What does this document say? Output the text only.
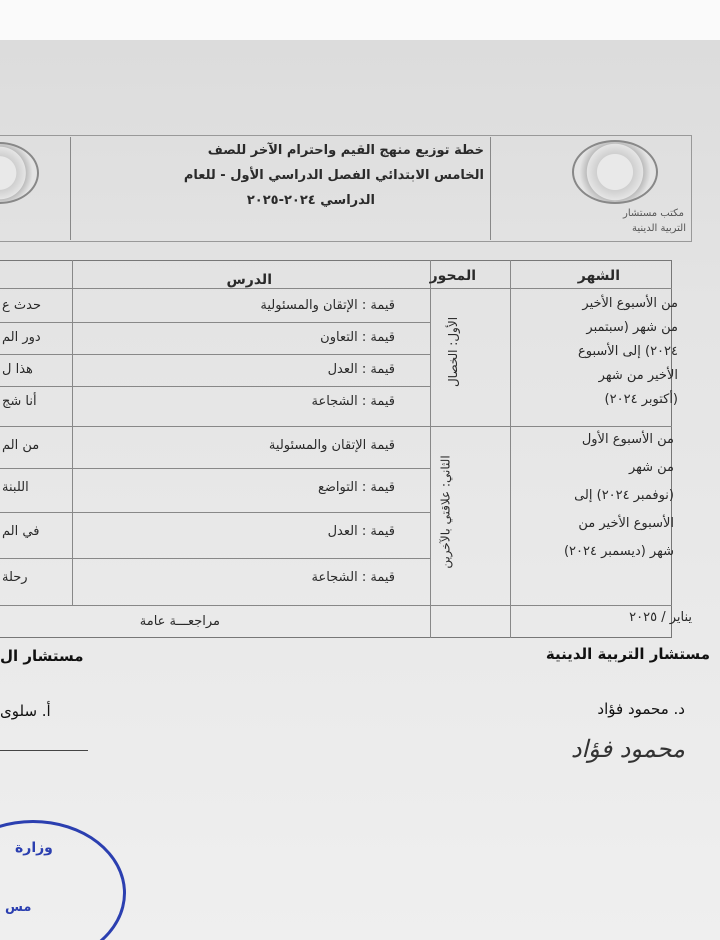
مكتب مستشار
التربية الدينية
خطة توزيع منهج القيم واحترام الآخر للصف
الخامس الابتدائي الفصل الدراسي الأول - للعام
الدراسي ٢٠٢٤-٢٠٢٥
الشهر
المحور
الدرس
من الأسبوع الأخير
من شهر (سبتمبر
٢٠٢٤) إلى الأسبوع
الأخير من شهر
(أكتوبر ٢٠٢٤)
الأول: الخصال
قيمة : الإتقان والمسئولية
قيمة : التعاون
قيمة : العدل
قيمة : الشجاعة
حدث ع
دور الم
هذا ل
أنا شج
من الأسبوع الأول
من شهر
(نوفمبر ٢٠٢٤) إلى
الأسبوع الأخير من
شهر (ديسمبر ٢٠٢٤)
الثاني: علاقتي بالآخرين
قيمة الإتقان والمسئولية
قيمة : التواضع
قيمة : العدل
قيمة : الشجاعة
من الم
اللبنة
في الم
رحلة
يناير / ٢٠٢٥
مراجعـــة عامة
مستشار التربية الدينية
د. محمود فؤاد
محمود فؤاد
مستشار ال
أ. سلوى
وزارة
مس
